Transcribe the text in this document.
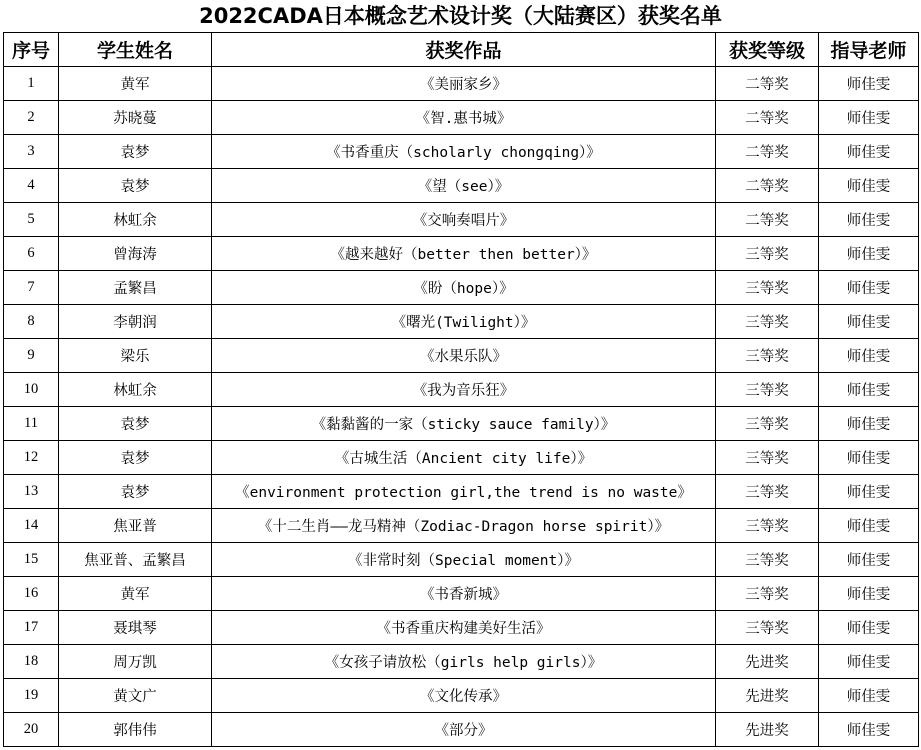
2022CADA日本概念艺术设计奖（大陆赛区）获奖名单
序号	学生姓名	获奖作品	获奖等级	指导老师
1	黄军	《美丽家乡》	二等奖	师佳雯
2	苏晓蔓	《智.惠书城》	二等奖	师佳雯
3	袁梦	《书香重庆（scholarly chongqing）》	二等奖	师佳雯
4	袁梦	《望（see）》	二等奖	师佳雯
5	林虹余	《交响奏唱片》	二等奖	师佳雯
6	曾海涛	《越来越好（better then better）》	三等奖	师佳雯
7	孟繁昌	《盼（hope）》	三等奖	师佳雯
8	李朝润	《曙光(Twilight）》	三等奖	师佳雯
9	梁乐	《水果乐队》	三等奖	师佳雯
10	林虹余	《我为音乐狂》	三等奖	师佳雯
11	袁梦	《黏黏酱的一家（sticky sauce family）》	三等奖	师佳雯
12	袁梦	《古城生活（Ancient city life）》	三等奖	师佳雯
13	袁梦	《environment protection girl,the trend is no waste》	三等奖	师佳雯
14	焦亚普	《十二生肖——龙马精神（Zodiac-Dragon horse spirit）》	三等奖	师佳雯
15	焦亚普、孟繁昌	《非常时刻（Special moment）》	三等奖	师佳雯
16	黄军	《书香新城》	三等奖	师佳雯
17	聂琪琴	《书香重庆构建美好生活》	三等奖	师佳雯
18	周万凯	《女孩子请放松（girls help girls）》	先进奖	师佳雯
19	黄文广	《文化传承》	先进奖	师佳雯
20	郭伟伟	《部分》	先进奖	师佳雯
